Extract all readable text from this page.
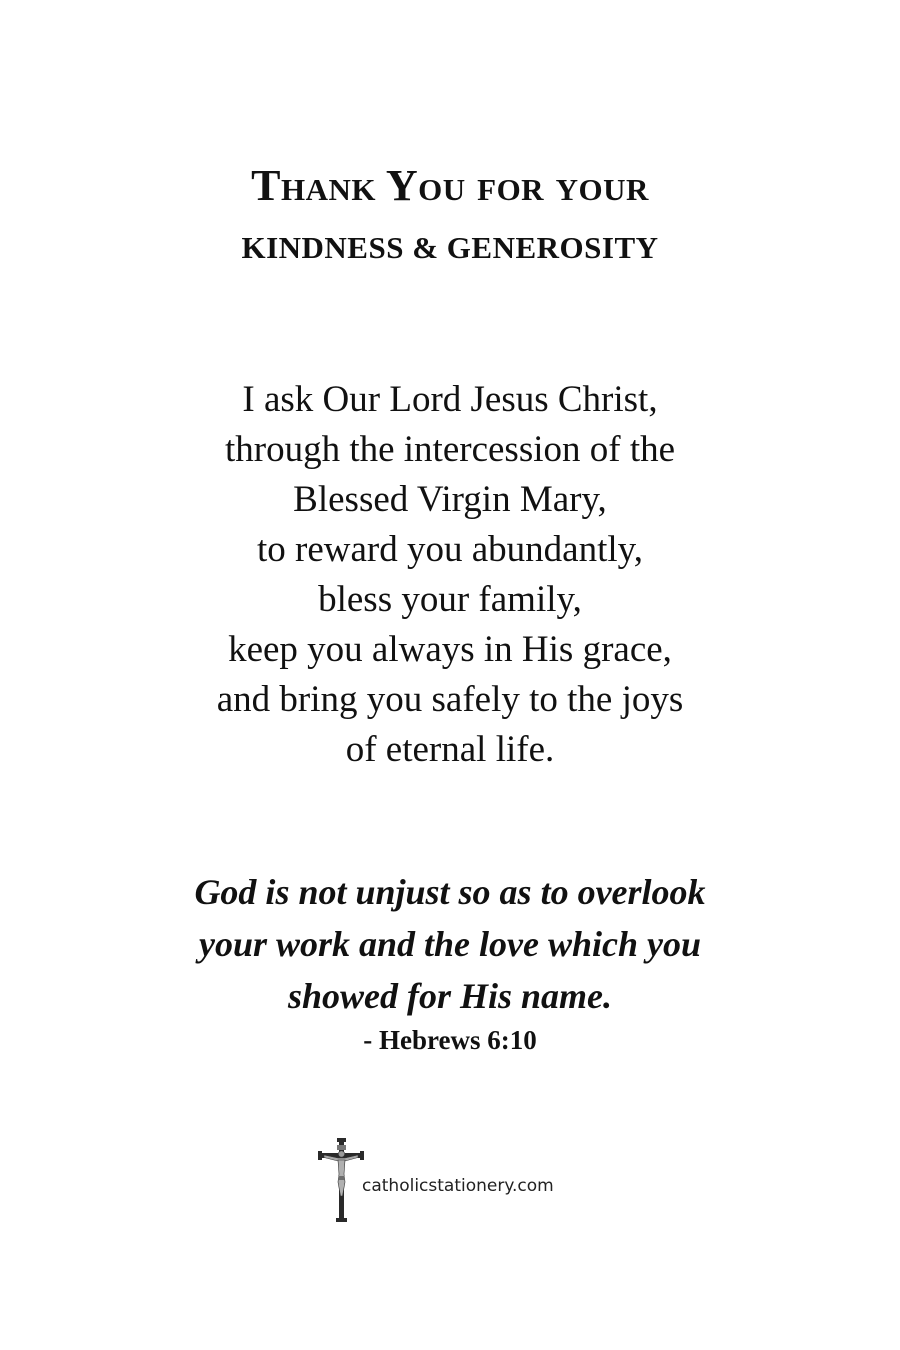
Thank You for your
KINDNESS & GENEROSITY
I ask Our Lord Jesus Christ,
through the intercession of the
Blessed Virgin Mary,
to reward you abundantly,
bless your family,
keep you always in His grace,
and bring you safely to the joys
of eternal life.
God is not unjust so as to overlook
your work and the love which you
showed for His name.
- Hebrews 6:10
catholicstationery.com
